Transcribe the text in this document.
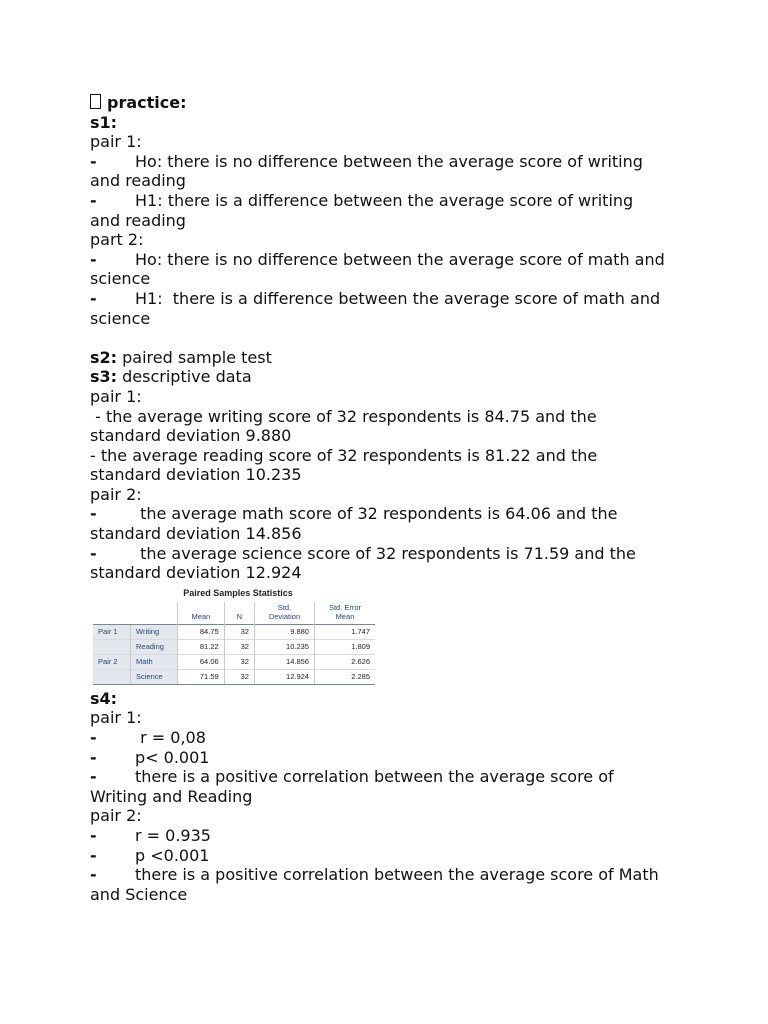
practice:
s1:
pair 1:
- Ho: there is no difference between the average score of writing
and reading
- H1: there is a difference between the average score of writing
and reading
part 2:
- Ho: there is no difference between the average score of math and
science
- H1:  there is a difference between the average score of math and
science
s2: paired sample test
s3: descriptive data
pair 1:
- the average writing score of 32 respondents is 84.75 and the
standard deviation 9.880
- the average reading score of 32 respondents is 81.22 and the
standard deviation 10.235
pair 2:
- the average math score of 32 respondents is 64.06 and the
standard deviation 14.856
- the average science score of 32 respondents is 71.59 and the
standard deviation 12.924
Paired Samples Statistics
		Mean	N	Std.
Deviation	Std. Error
Mean
Pair 1	Writing	84.75	32	9.880	1.747
	Reading	81.22	32	10.235	1.809
Pair 2	Math	64.06	32	14.856	2.626
	Science	71.59	32	12.924	2.285
s4:
pair 1:
- r = 0,08
- p< 0.001
- there is a positive correlation between the average score of
Writing and Reading
pair 2:
- r = 0.935
- p <0.001
- there is a positive correlation between the average score of Math
and Science
